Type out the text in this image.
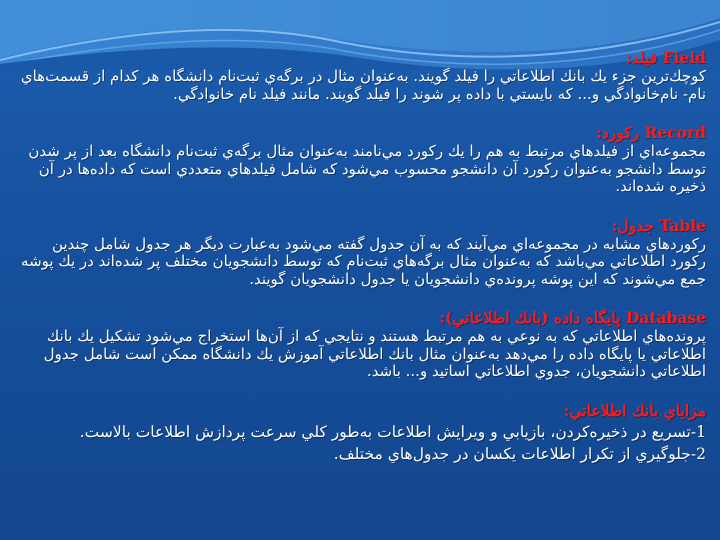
Field فيلد:
كوچك‌ترين جزء يك بانك اطلاعاتي را فيلد گويند. به‌عنوان مثال در برگه‌ي ثبت‌نام دانشگاه هر كدام از قسمت‌هاي نام- نام‌خانوادگي و... كه بايستي با داده پر شوند را فيلد گويند. مانند فيلد نام خانوادگي.
Record ركورد:
مجموعه‌اي از فيلدهاي مرتبط به هم را يك ركورد مي‌نامند به‌عنوان مثال برگه‌ي ثبت‌نام دانشگاه بعد از پر شدن توسط دانشجو به‌عنوان ركورد آن دانشجو محسوب مي‌شود كه شامل فيلدهاي متعددي است كه داده‌ها در آن ذخيره شده‌اند.
Table جدول:
ركوردهاي مشابه در مجموعه‌اي مي‌آيند كه به آن جدول گفته مي‌شود به‌عبارت ديگر هر جدول شامل چندين ركورد اطلاعاتي مي‌باشد كه به‌عنوان مثال برگه‌هاي ثبت‌نام كه توسط دانشجويان مختلف پر شده‌اند در يك پوشه جمع مي‌شوند كه اين پوشه پرونده‌ي دانشجويان يا جدول دانشجويان گويند.
Database پايگاه داده (بانك اطلاعاتي):
پرونده‌هاي اطلاعاتي كه به نوعي به هم مرتبط هستند و نتايجي كه از آن‌ها استخراج مي‌شود تشكيل يك بانك اطلاعاتي يا پايگاه داده را مي‌دهد به‌عنوان مثال بانك اطلاعاتي آموزش يك دانشگاه ممكن است شامل جدول اطلاعاتي دانشجويان، جدوي اطلاعاتي اساتيد و... باشد.
مزاياي بانك اطلاعاتي:
1-تسريع در ذخيره‌كردن، بازيابي و ويرايش اطلاعات به‌طور كلي سرعت پردازش اطلاعات بالاست.
2-جلوگيري از تكرار اطلاعات يكسان در جدول‌هاي مختلف.
